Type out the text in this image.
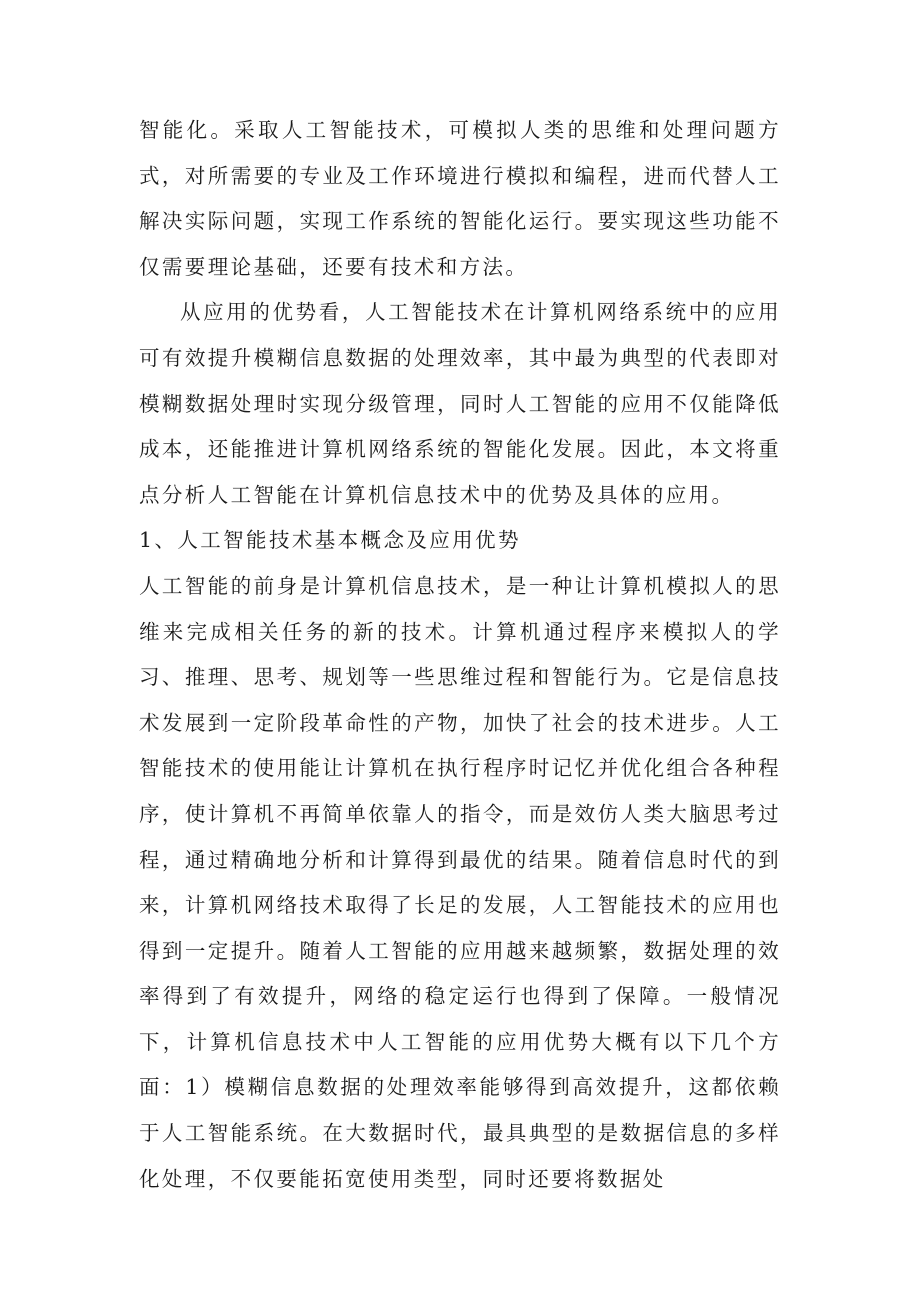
智能化。采取人工智能技术，可模拟人类的思维和处理问题方式，对所需要的专业及工作环境进行模拟和编程，进而代替人工解决实际问题，实现工作系统的智能化运行。要实现这些功能不仅需要理论基础，还要有技术和方法。

从应用的优势看，人工智能技术在计算机网络系统中的应用可有效提升模糊信息数据的处理效率，其中最为典型的代表即对模糊数据处理时实现分级管理，同时人工智能的应用不仅能降低成本，还能推进计算机网络系统的智能化发展。因此，本文将重点分析人工智能在计算机信息技术中的优势及具体的应用。

1、人工智能技术基本概念及应用优势

人工智能的前身是计算机信息技术，是一种让计算机模拟人的思维来完成相关任务的新的技术。计算机通过程序来模拟人的学习、推理、思考、规划等一些思维过程和智能行为。它是信息技术发展到一定阶段革命性的产物，加快了社会的技术进步。人工智能技术的使用能让计算机在执行程序时记忆并优化组合各种程序，使计算机不再简单依靠人的指令，而是效仿人类大脑思考过程，通过精确地分析和计算得到最优的结果。随着信息时代的到来，计算机网络技术取得了长足的发展，人工智能技术的应用也得到一定提升。随着人工智能的应用越来越频繁，数据处理的效率得到了有效提升，网络的稳定运行也得到了保障。一般情况下，计算机信息技术中人工智能的应用优势大概有以下几个方面：1）模糊信息数据的处理效率能够得到高效提升，这都依赖于人工智能系统。在大数据时代，最具典型的是数据信息的多样化处理，不仅要能拓宽使用类型，同时还要将数据处
